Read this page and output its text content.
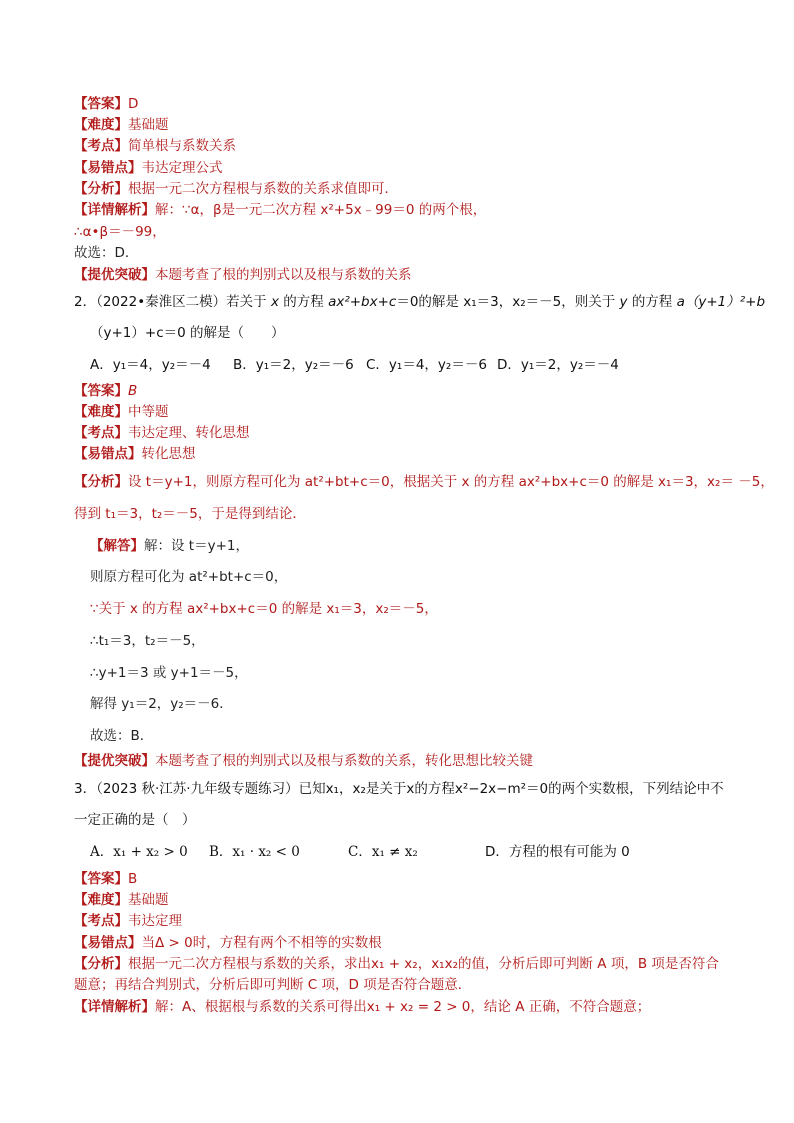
【答案】D
【难度】基础题
【考点】简单根与系数关系
【易错点】韦达定理公式
【分析】根据一元二次方程根与系数的关系求值即可．
【详情解析】解：∵α，β是一元二次方程 x²+5x﹣99＝0 的两个根，
∴α•β＝－99，
故选：D．
【提优突破】本题考查了根的判别式以及根与系数的关系
2．（2022•秦淮区二模）若关于 x 的方程 ax²+bx+c＝0的解是 x₁＝3，x₂＝－5，则关于 y 的方程 a（y+1）²+b
（y+1）+c＝0 的解是（　　）
A．y₁＝4，y₂＝－4 B．y₁＝2，y₂＝－6 C．y₁＝4，y₂＝－6 D．y₁＝2，y₂＝－4
【答案】B
【难度】中等题
【考点】韦达定理、转化思想
【易错点】转化思想
【分析】设 t＝y+1，则原方程可化为 at²+bt+c＝0，根据关于 x 的方程 ax²+bx+c＝0 的解是 x₁＝3，x₂＝ －5，
得到 t₁＝3，t₂＝－5，于是得到结论．
【解答】解：设 t＝y+1，
则原方程可化为 at²+bt+c＝0，
∵关于 x 的方程 ax²+bx+c＝0 的解是 x₁＝3，x₂＝－5，
∴t₁＝3，t₂＝－5，
∴y+1＝3 或 y+1＝－5，
解得 y₁＝2，y₂＝－6．
故选：B．
【提优突破】本题考查了根的判别式以及根与系数的关系，转化思想比较关键
3．（2023 秋·江苏·九年级专题练习）已知x₁，x₂是关于x的方程x²−2x−m²＝0的两个实数根，下列结论中不
一定正确的是（　）
A．x₁ + x₂ > 0 B．x₁ · x₂ < 0	C．x₁ ≠ x₂	D．方程的根有可能为 0
【答案】B
【难度】基础题
【考点】韦达定理
【易错点】当Δ > 0时，方程有两个不相等的实数根
【分析】根据一元二次方程根与系数的关系，求出x₁ + x₂，x₁x₂的值，分析后即可判断 A 项，B 项是否符合
题意；再结合判别式，分析后即可判断 C 项，D 项是否符合题意．
【详情解析】解：A、根据根与系数的关系可得出x₁ + x₂ = 2 > 0，结论 A 正确，不符合题意；
